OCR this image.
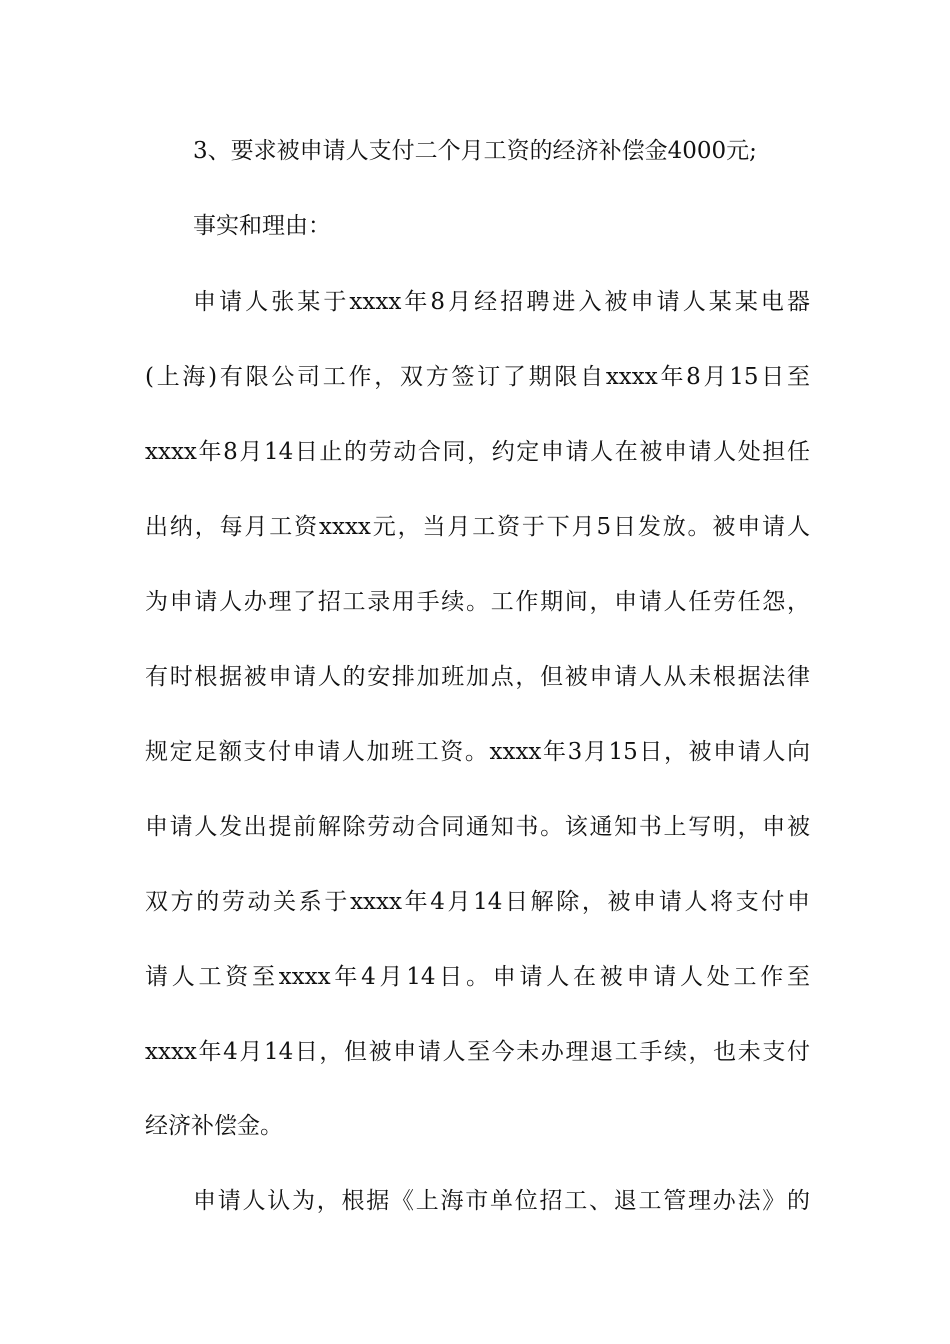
3、要求被申请人支付二个月工资的经济补偿金4000元;
事实和理由：
申请人张某于xxxx年8月经招聘进入被申请人某某电器
(上海)有限公司工作，双方签订了期限自xxxx年8月15日至
xxxx年8月14日止的劳动合同，约定申请人在被申请人处担任
出纳，每月工资xxxx元，当月工资于下月5日发放。被申请人
为申请人办理了招工录用手续。工作期间，申请人任劳任怨，
有时根据被申请人的安排加班加点，但被申请人从未根据法律
规定足额支付申请人加班工资。xxxx年3月15日，被申请人向
申请人发出提前解除劳动合同通知书。该通知书上写明，申被
双方的劳动关系于xxxx年4月14日解除，被申请人将支付申
请人工资至xxxx年4月14日。申请人在被申请人处工作至
xxxx年4月14日，但被申请人至今未办理退工手续，也未支付
经济补偿金。
申请人认为，根据《上海市单位招工、退工管理办法》的
